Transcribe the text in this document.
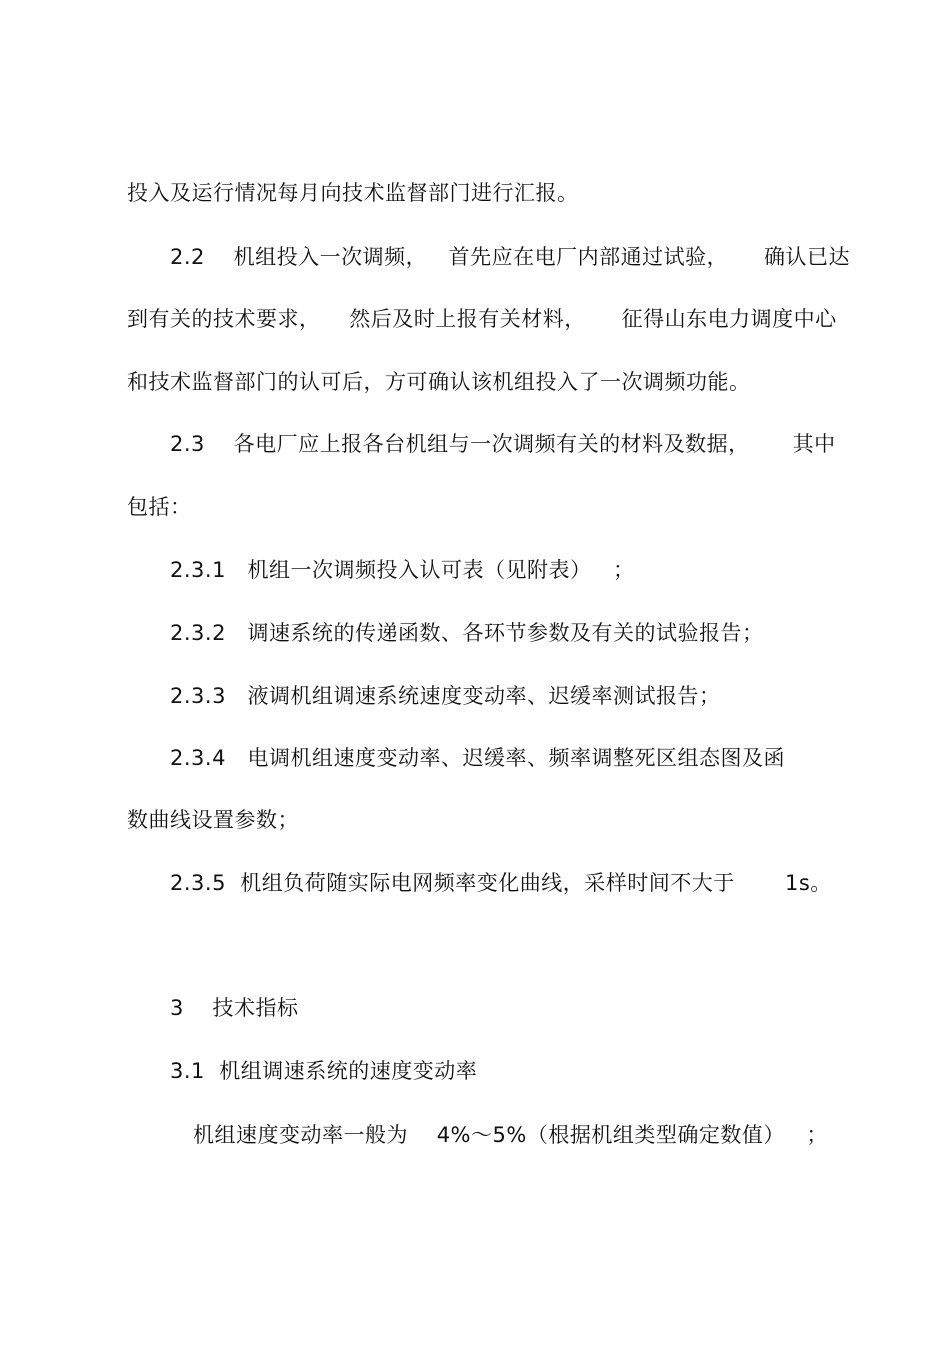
投入及运行情况每月向技术监督部门进行汇报。
2.2    机组投入一次调频，   首先应在电厂内部通过试验，     确认已达
到有关的技术要求，    然后及时上报有关材料，     征得山东电力调度中心
和技术监督部门的认可后，方可确认该机组投入了一次调频功能。
2.3    各电厂应上报各台机组与一次调频有关的材料及数据，      其中
包括：
2.3.1   机组一次调频投入认可表（见附表）   ；
2.3.2   调速系统的传递函数、各环节参数及有关的试验报告；
2.3.3   液调机组调速系统速度变动率、迟缓率测试报告；
2.3.4   电调机组速度变动率、迟缓率、频率调整死区组态图及函
数曲线设置参数；
2.3.5  机组负荷随实际电网频率变化曲线，采样时间不大于       1s。
3    技术指标
3.1  机组调速系统的速度变动率
机组速度变动率一般为    4%～5%（根据机组类型确定数值）   ；
